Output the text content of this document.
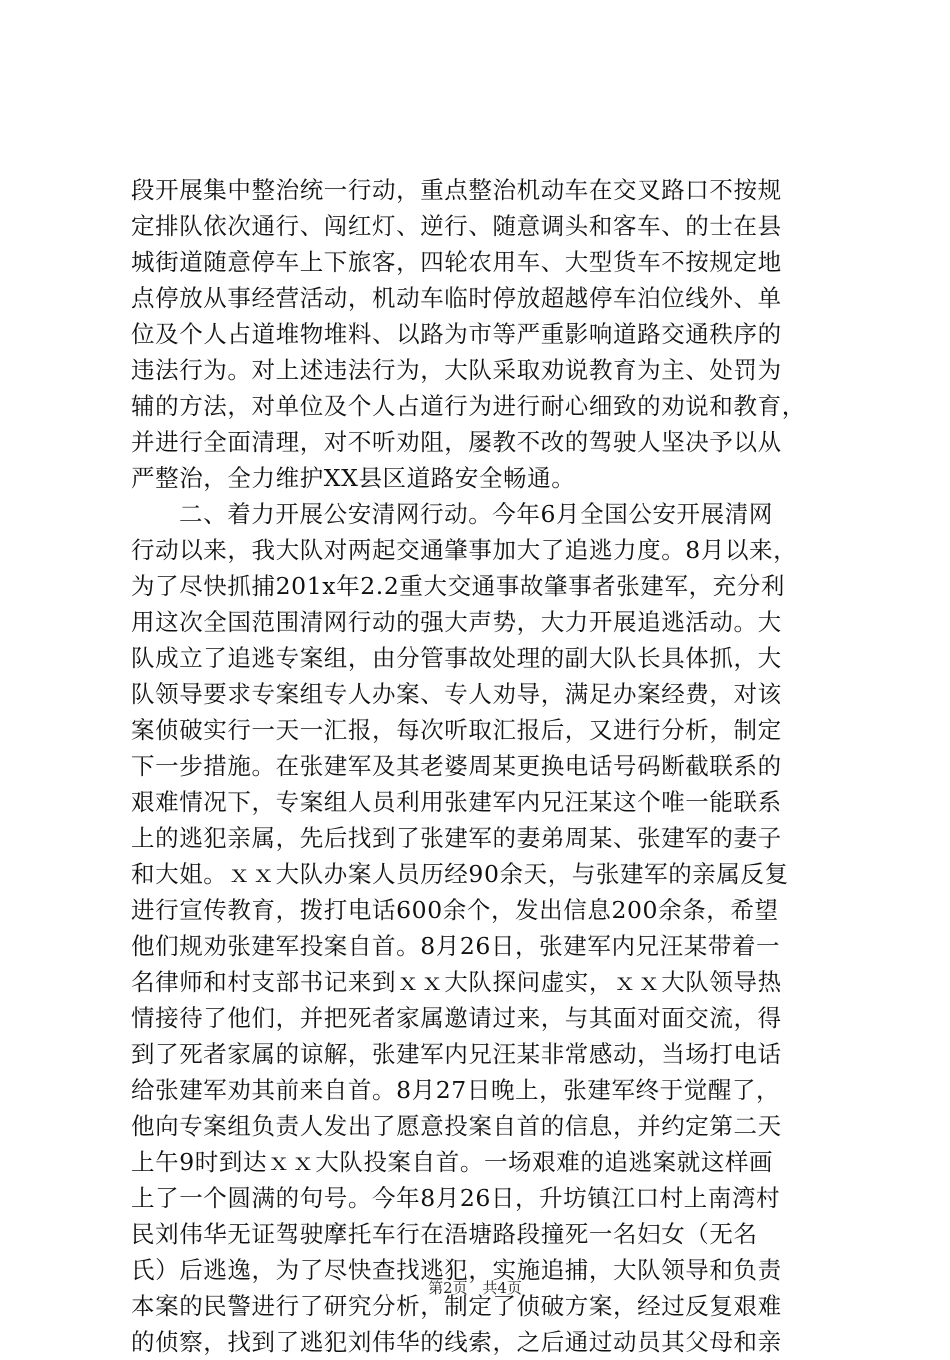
段开展集中整治统一行动，重点整治机动车在交叉路口不按规
定排队依次通行、闯红灯、逆行、随意调头和客车、的士在县
城街道随意停车上下旅客，四轮农用车、大型货车不按规定地
点停放从事经营活动，机动车临时停放超越停车泊位线外、单
位及个人占道堆物堆料、以路为市等严重影响道路交通秩序的
违法行为。对上述违法行为，大队采取劝说教育为主、处罚为
辅的方法，对单位及个人占道行为进行耐心细致的劝说和教育，
并进行全面清理，对不听劝阻，屡教不改的驾驶人坚决予以从
严整治，全力维护XX县区道路安全畅通。
二、着力开展公安清网行动。今年6月全国公安开展清网
行动以来，我大队对两起交通肇事加大了追逃力度。8月以来，
为了尽快抓捕201x年2.2重大交通事故肇事者张建军，充分利
用这次全国范围清网行动的强大声势，大力开展追逃活动。大
队成立了追逃专案组，由分管事故处理的副大队长具体抓，大
队领导要求专案组专人办案、专人劝导，满足办案经费，对该
案侦破实行一天一汇报，每次听取汇报后，又进行分析，制定
下一步措施。在张建军及其老婆周某更换电话号码断截联系的
艰难情况下，专案组人员利用张建军内兄汪某这个唯一能联系
上的逃犯亲属，先后找到了张建军的妻弟周某、张建军的妻子
和大姐。ｘｘ大队办案人员历经90余天，与张建军的亲属反复
进行宣传教育，拨打电话600余个，发出信息200余条，希望
他们规劝张建军投案自首。8月26日，张建军内兄汪某带着一
名律师和村支部书记来到ｘｘ大队探问虚实，ｘｘ大队领导热
情接待了他们，并把死者家属邀请过来，与其面对面交流，得
到了死者家属的谅解，张建军内兄汪某非常感动，当场打电话
给张建军劝其前来自首。8月27日晚上，张建军终于觉醒了，
他向专案组负责人发出了愿意投案自首的信息，并约定第二天
上午9时到达ｘｘ大队投案自首。一场艰难的追逃案就这样画
上了一个圆满的句号。今年8月26日，升坊镇江口村上南湾村
民刘伟华无证驾驶摩托车行在浯塘路段撞死一名妇女（无名
氏）后逃逸，为了尽快查找逃犯，实施追捕，大队领导和负责
本案的民警进行了研究分析，制定了侦破方案，经过反复艰难
的侦察，找到了逃犯刘伟华的线索，之后通过动员其父母和亲
第2页 共4页
